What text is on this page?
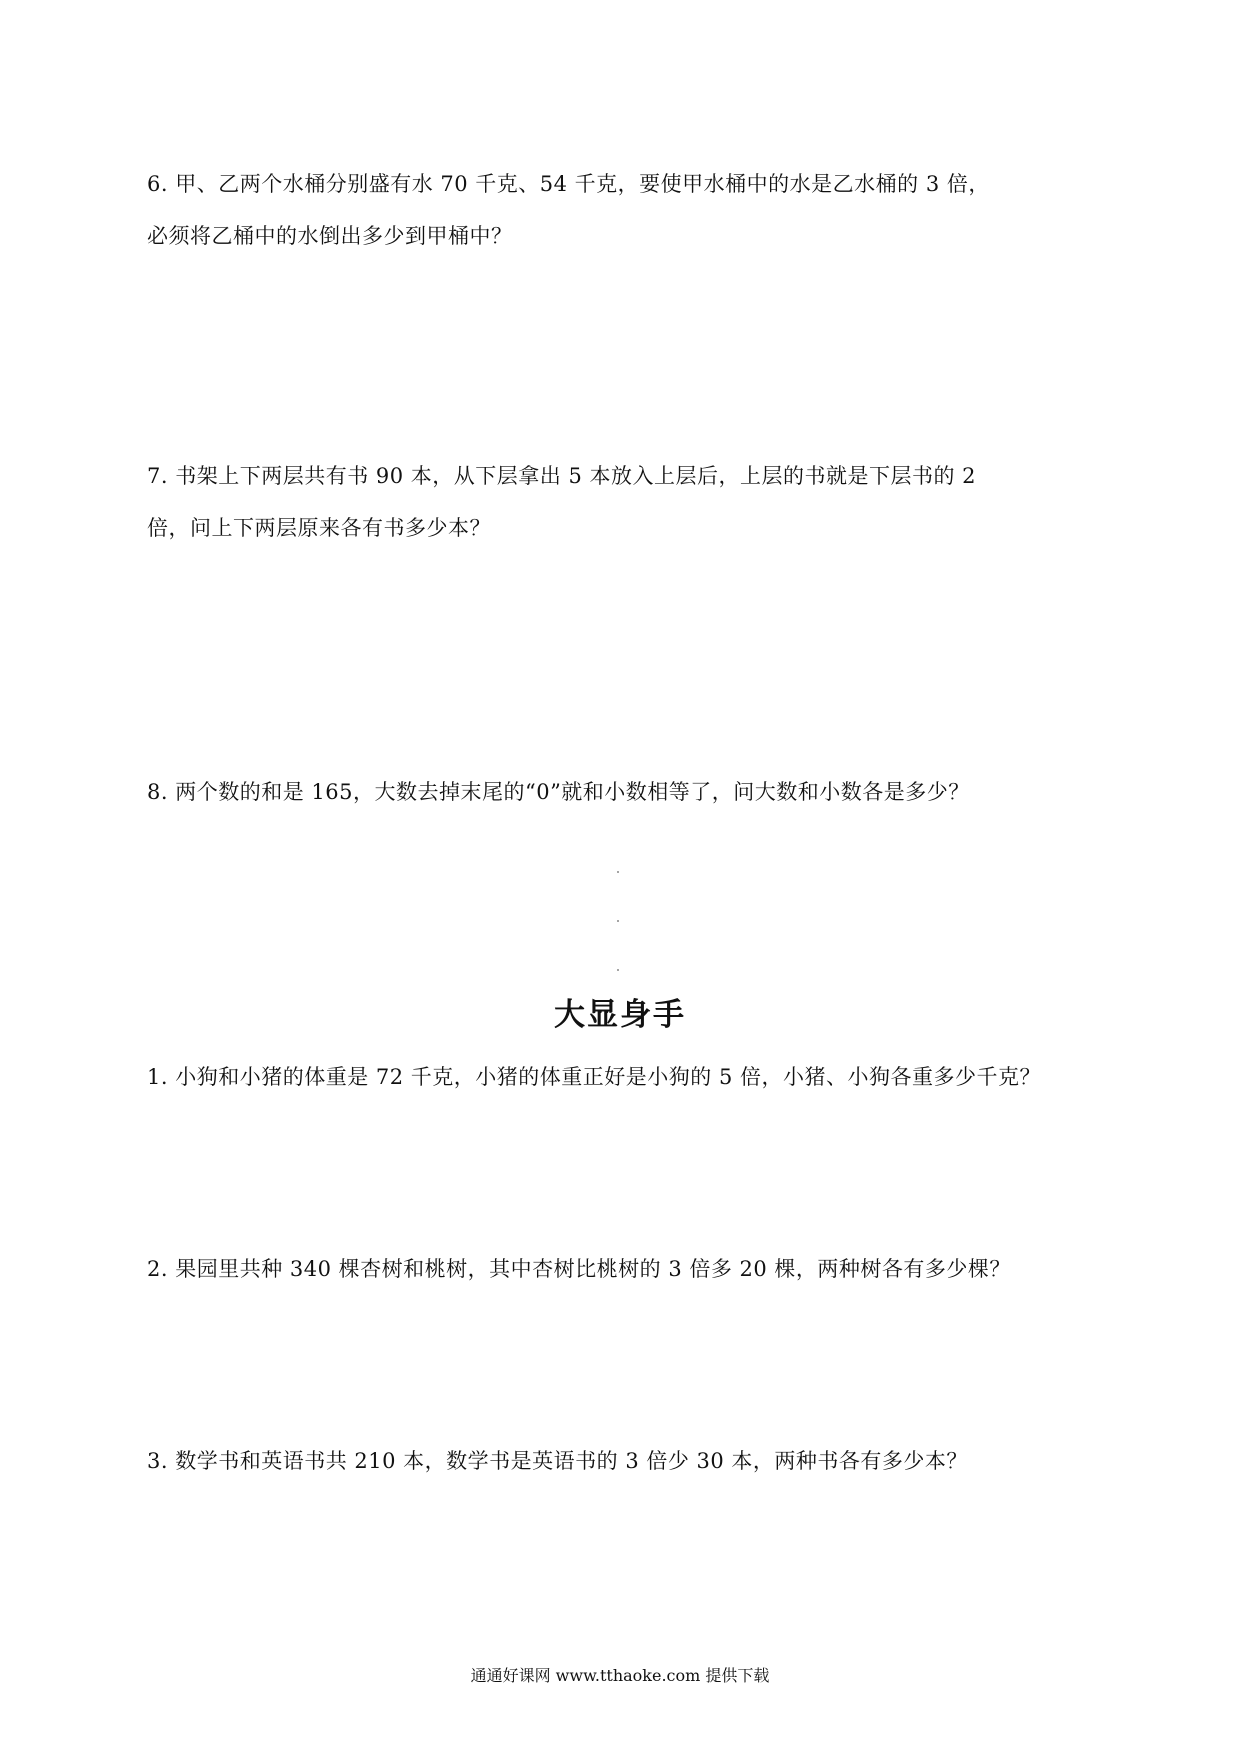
6. 甲、乙两个水桶分别盛有水 70 千克、54 千克，要使甲水桶中的水是乙水桶的 3 倍，
必须将乙桶中的水倒出多少到甲桶中？
7. 书架上下两层共有书 90 本，从下层拿出 5 本放入上层后，上层的书就是下层书的 2
倍，问上下两层原来各有书多少本？
8. 两个数的和是 165，大数去掉末尾的“0”就和小数相等了，问大数和小数各是多少？
大显身手
1. 小狗和小猪的体重是 72 千克，小猪的体重正好是小狗的 5 倍，小猪、小狗各重多少千克？
2. 果园里共种 340 棵杏树和桃树，其中杏树比桃树的 3 倍多 20 棵，两种树各有多少棵？
3. 数学书和英语书共 210 本，数学书是英语书的 3 倍少 30 本，两种书各有多少本？
通通好课网 www.tthaoke.com 提供下载
